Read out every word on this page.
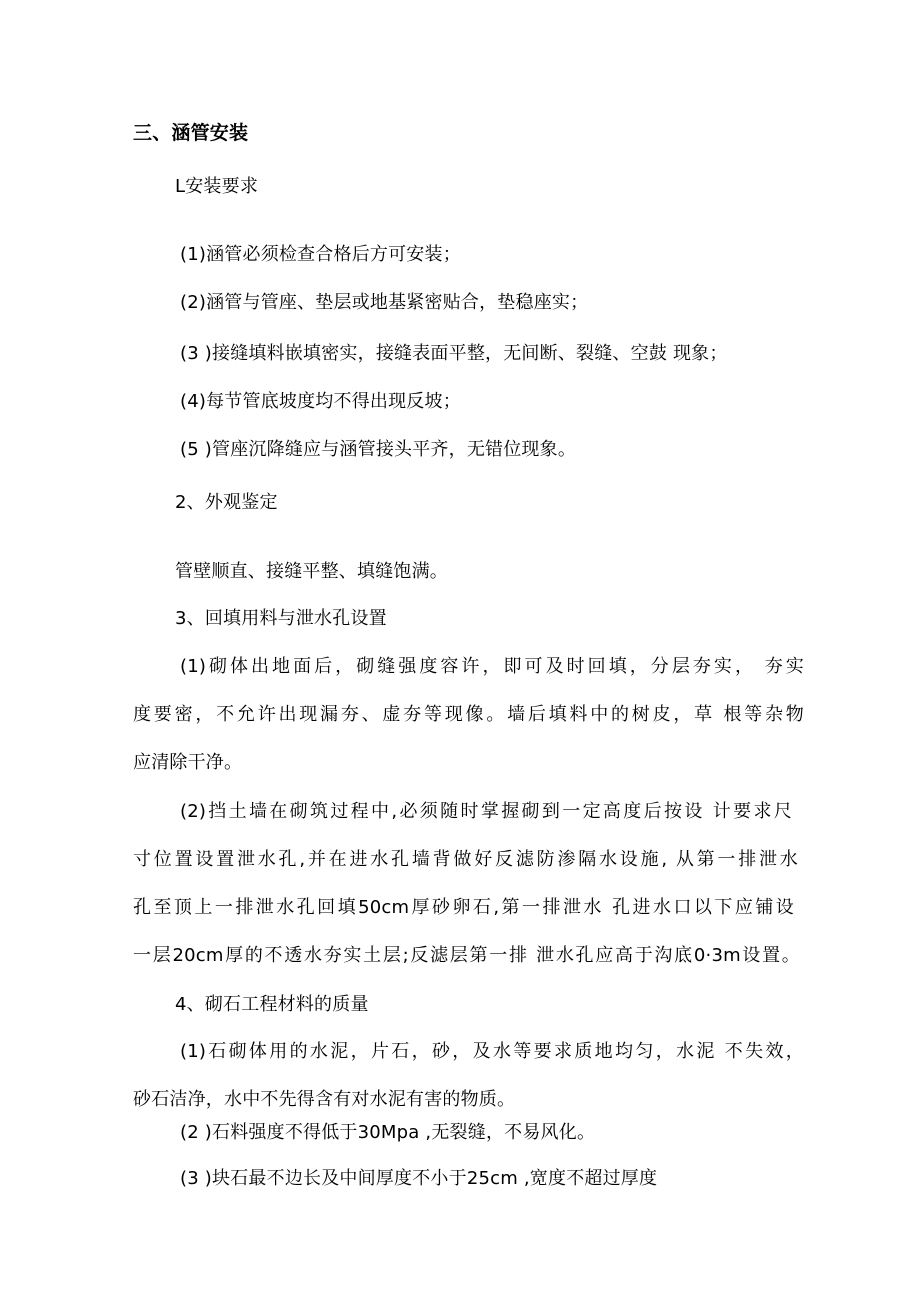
三、涵管安装
L安装要求
(1)涵管必须检查合格后方可安装；
(2)涵管与管座、垫层或地基紧密贴合，垫稳座实；
(3 )接缝填料嵌填密实，接缝表面平整，无间断、裂缝、空鼓 现象；
(4)每节管底坡度均不得出现反坡；
(5 )管座沉降缝应与涵管接头平齐，无错位现象。
2、外观鉴定
管壁顺直、接缝平整、填缝饱满。
3、回填用料与泄水孔设置
(1)砌体出地面后，砌缝强度容许，即可及时回填，分层夯实， 夯实
度要密，不允许出现漏夯、虚夯等现像。墙后填料中的树皮，草 根等杂物
应清除干净。
(2)挡土墙在砌筑过程中,必须随时掌握砌到一定高度后按设 计要求尺
寸位置设置泄水孔,并在进水孔墙背做好反滤防渗隔水设施, 从第一排泄水
孔至顶上一排泄水孔回填50cm厚砂卵石,第一排泄水 孔进水口以下应铺设
一层20cm厚的不透水夯实土层;反滤层第一排 泄水孔应高于沟底0·3m设置。
4、砌石工程材料的质量
(1)石砌体用的水泥，片石，砂，及水等要求质地均匀，水泥 不失效，
砂石洁净，水中不先得含有对水泥有害的物质。
(2 )石料强度不得低于30Mpa ,无裂缝，不易风化。
(3 )块石最不边长及中间厚度不小于25cm ,宽度不超过厚度
